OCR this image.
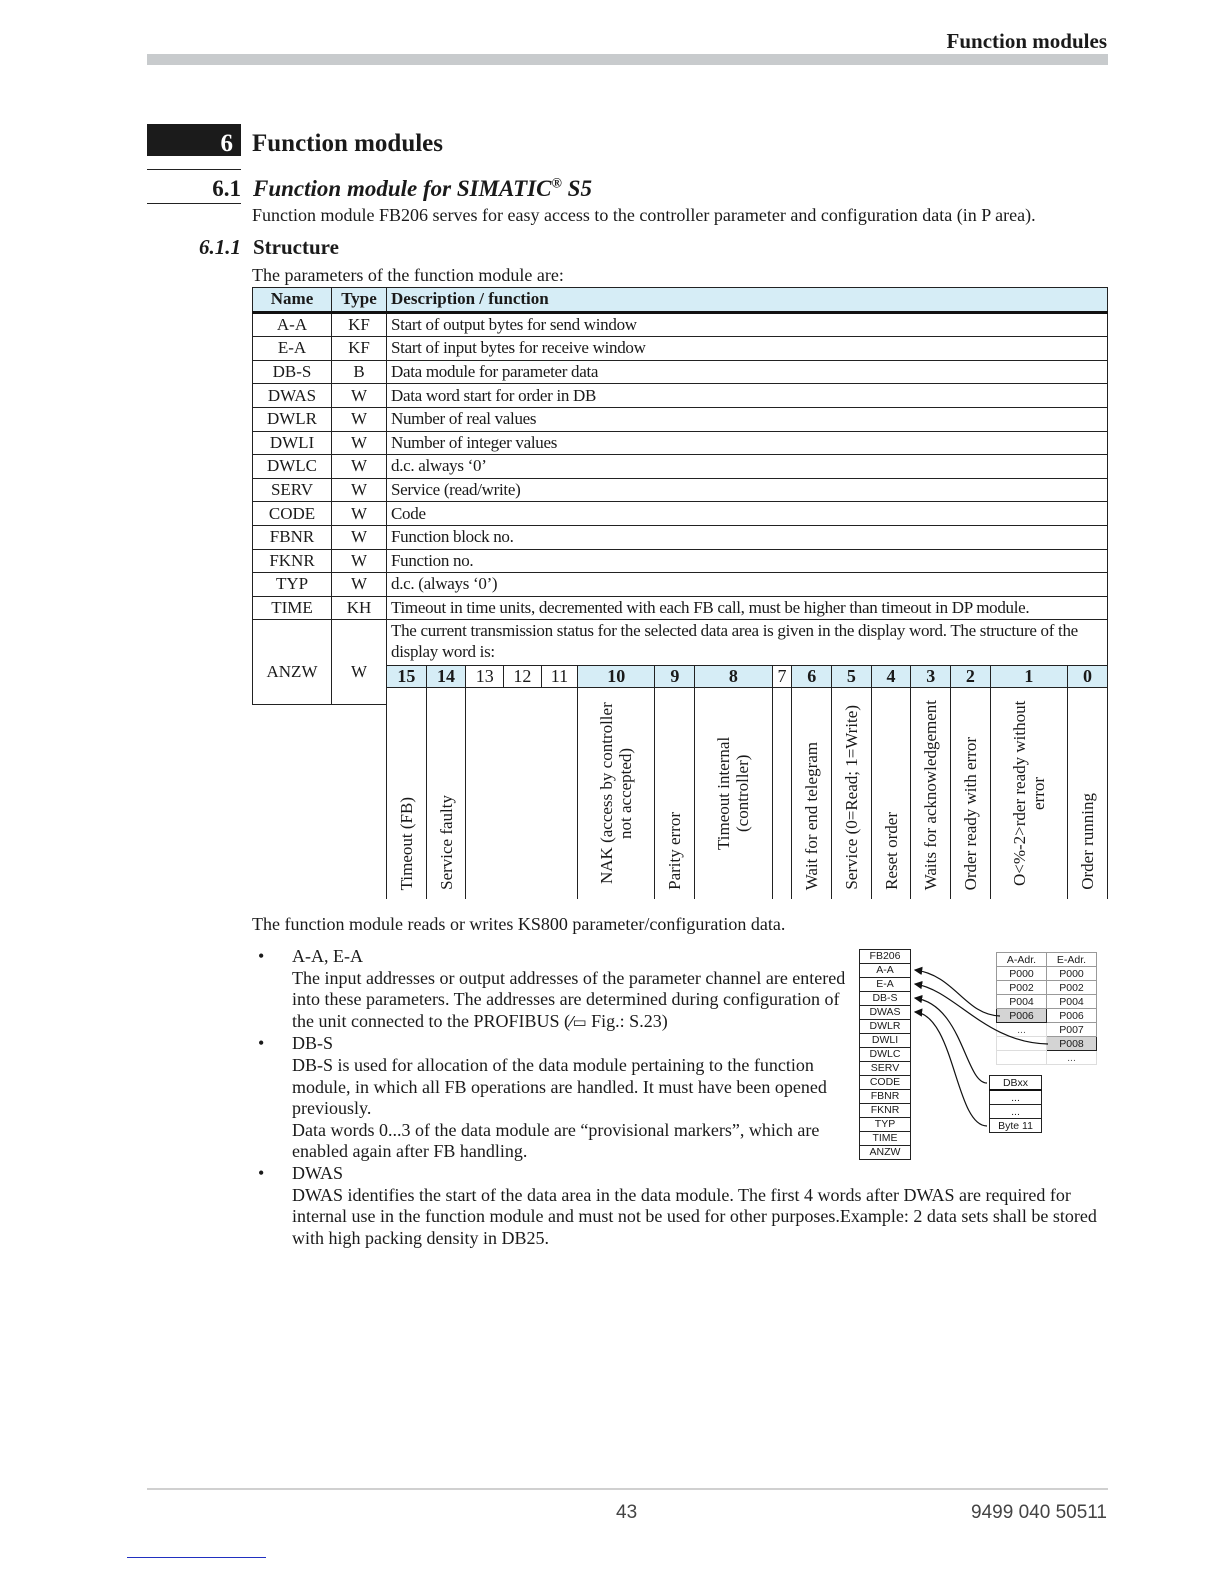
Function modules
6 Function modules
6.1 Function module for SIMATIC® S5
Function module FB206 serves for easy access to the controller parameter and configuration data (in P area).
6.1.1 Structure
The parameters of the function module are:
Name	Type	Description / function
A-A	KF	Start of output bytes for send window
E-A	KF	Start of input bytes for receive window
DB-S	B	Data module for parameter data
DWAS	W	Data word start for order in DB
DWLR	W	Number of real values
DWLI	W	Number of integer values
DWLC	W	d.c. always ‘0’
SERV	W	Service (read/write)
CODE	W	Code
FBNR	W	Function block no.
FKNR	W	Function no.
TYP	W	d.c. (always ‘0’)
TIME	KH	Timeout in time units, decremented with each FB call, must be higher than timeout in DP module.
ANZW	W	The current transmission status for the selected data area is given in the display word. The structure of the display word is:
15	14	13	12	11	10	9	8	7	6	5	4	3	2	1	0
Timeout (FB)	Service faulty				NAK (access by controller not accepted)	Parity error	Timeout internal (controller)		Wait for end telegram	Service (0=Read; 1=Write)	Reset order	Waits for acknowledgement	Order ready with error	O<%-2>rder ready without error	Order running
The function module reads or writes KS800 parameter/configuration data.
• A-A, E-A
The input addresses or output addresses of the parameter channel are entered into these parameters. The addresses are determined during configuration of the unit connected to the PROFIBUS (⁄▭ Fig.: S.23)
• DB-S
DB-S is used for allocation of the data module pertaining to the function module, in which all FB operations are handled. It must have been opened previously.
Data words 0...3 of the data module are “provisional markers”, which are enabled again after FB handling.
• DWAS
DWAS identifies the start of the data area in the data module. The first 4 words after DWAS are required for internal use in the function module and must not be used for other purposes.Example: 2 data sets shall be stored with high packing density in DB25.
FB206
A-A
E-A
DB-S
DWAS
DWLR
DWLI
DWLC
SERV
CODE
FBNR
FKNR
TYP
TIME
ANZW
A-Adr.	E-Adr.
P000	P000
P002	P002
P004	P004
P006	P006
...	P007
	P008
	...
DBxx
...
...
Byte 11
43	9499 040 50511
